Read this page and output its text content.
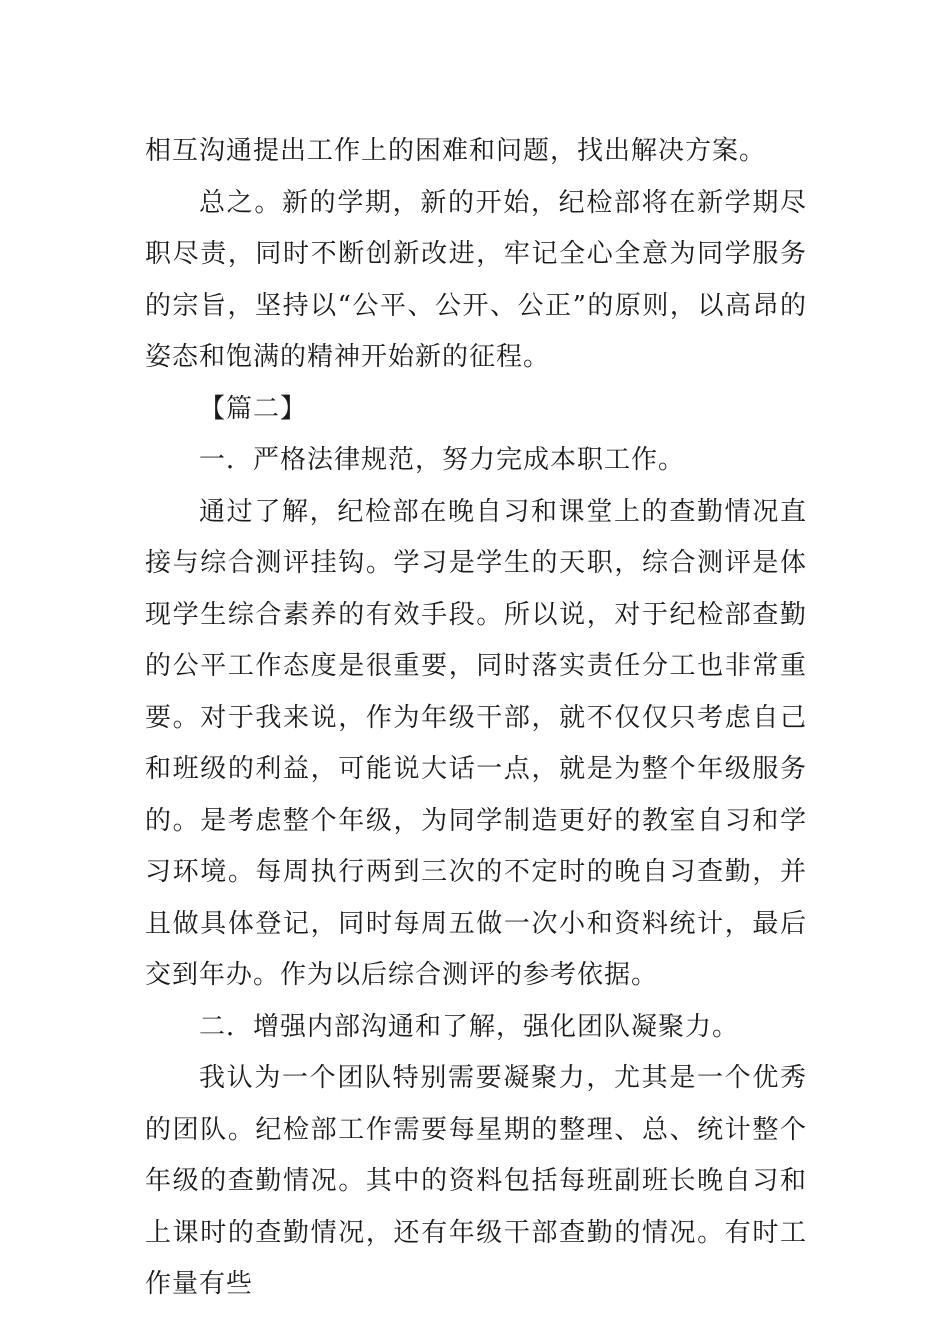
相互沟通提出工作上的困难和问题，找出解决方案。

总之。新的学期，新的开始，纪检部将在新学期尽职尽责，同时不断创新改进，牢记全心全意为同学服务的宗旨，坚持以“公平、公开、公正”的原则，以高昂的姿态和饱满的精神开始新的征程。

【篇二】

一．严格法律规范，努力完成本职工作。

通过了解，纪检部在晚自习和课堂上的查勤情况直接与综合测评挂钩。学习是学生的天职，综合测评是体现学生综合素养的有效手段。所以说，对于纪检部查勤的公平工作态度是很重要，同时落实责任分工也非常重要。对于我来说，作为年级干部，就不仅仅只考虑自己和班级的利益，可能说大话一点，就是为整个年级服务的。是考虑整个年级，为同学制造更好的教室自习和学习环境。每周执行两到三次的不定时的晚自习查勤，并且做具体登记，同时每周五做一次小和资料统计，最后交到年办。作为以后综合测评的参考依据。

二．增强内部沟通和了解，强化团队凝聚力。

我认为一个团队特别需要凝聚力，尤其是一个优秀的团队。纪检部工作需要每星期的整理、总、统计整个年级的查勤情况。其中的资料包括每班副班长晚自习和上课时的查勤情况，还有年级干部查勤的情况。有时工作量有些
